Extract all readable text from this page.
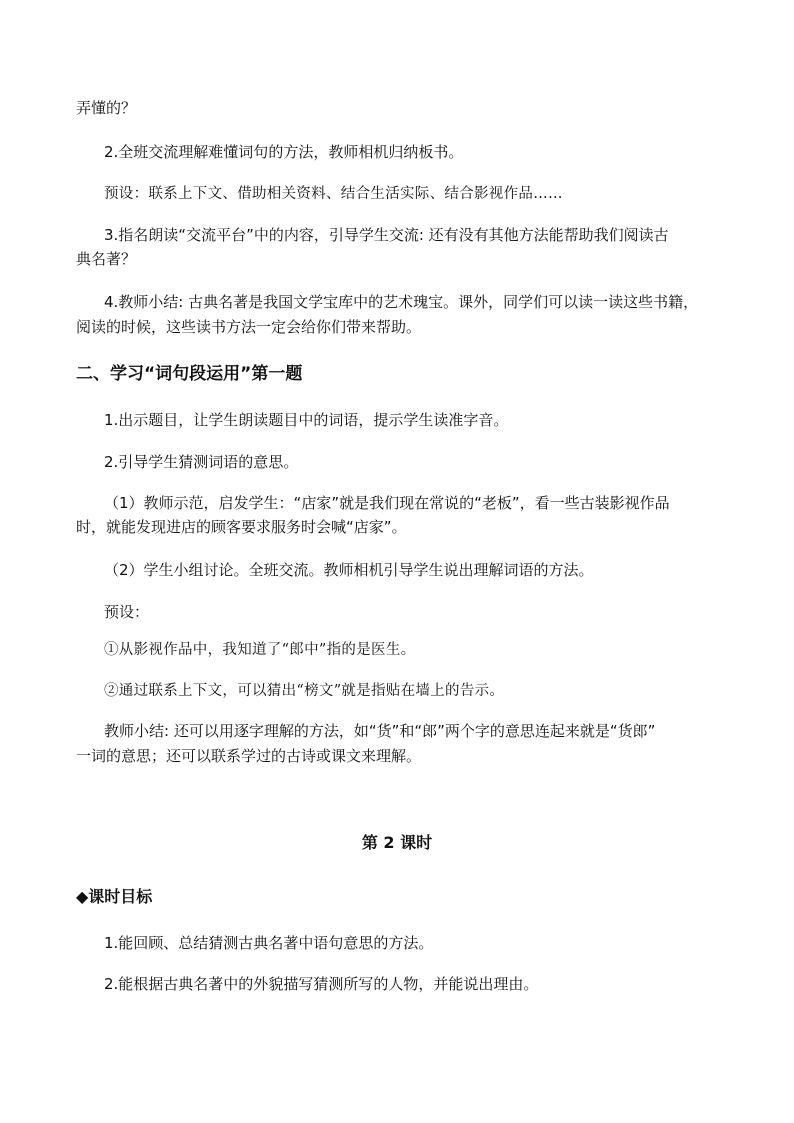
弄懂的？
2.全班交流理解难懂词句的方法，教师相机归纳板书。
预设：联系上下文、借助相关资料、结合生活实际、结合影视作品……
3.指名朗读“交流平台”中的内容，引导学生交流: 还有没有其他方法能帮助我们阅读古
典名著？
4.教师小结: 古典名著是我国文学宝库中的艺术瑰宝。课外，同学们可以读一读这些书籍，
阅读的时候，这些读书方法一定会给你们带来帮助。
二、学习“词句段运用”第一题
1.出示题目，让学生朗读题目中的词语，提示学生读准字音。
2.引导学生猜测词语的意思。
（1）教师示范，启发学生：“店家”就是我们现在常说的“老板”，看一些古装影视作品
时，就能发现进店的顾客要求服务时会喊“店家”。
（2）学生小组讨论。全班交流。教师相机引导学生说出理解词语的方法。
预设：
①从影视作品中，我知道了“郎中”指的是医生。
②通过联系上下文，可以猜出“榜文”就是指贴在墙上的告示。
教师小结: 还可以用逐字理解的方法，如“货”和“郎”两个字的意思连起来就是“货郎”
一词的意思；还可以联系学过的古诗或课文来理解。
第 2 课时
◆课时目标
1.能回顾、总结猜测古典名著中语句意思的方法。
2.能根据古典名著中的外貌描写猜测所写的人物，并能说出理由。
